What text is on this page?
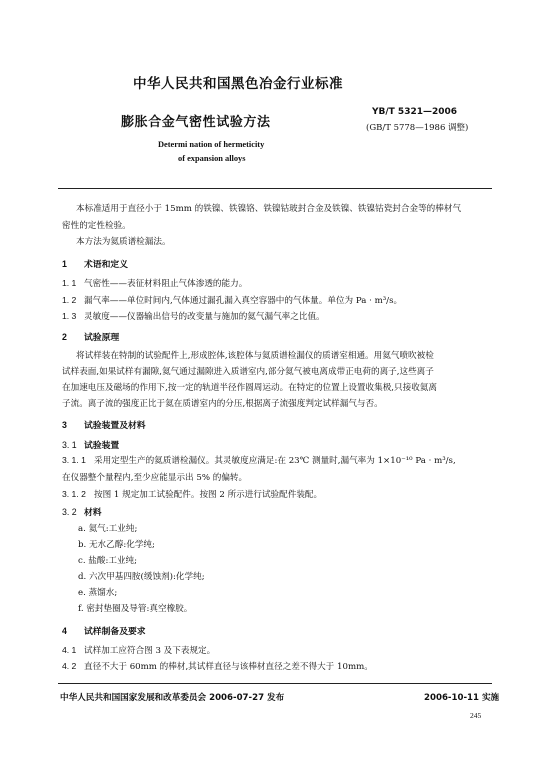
中华人民共和国黑色冶金行业标准
YB/T 5321—2006
膨胀合金气密性试验方法	(GB/T 5778—1986 调整)
Determi nation of hermeticity
of expansion alloys
本标准适用于直径小于 15mm 的铁镍、铁镍铬、铁镍钴玻封合金及铁镍、铁镍钴瓷封合金等的棒材气
密性的定性检验。
本方法为氦质谱检漏法。
1 术语和定义
1. 1 气密性——表征材料阻止气体渗透的能力。
1. 2 漏气率——单位时间内,气体通过漏孔漏入真空容器中的气体量。单位为 Pa · m³/s。
1. 3 灵敏度——仪器输出信号的改变量与施加的氦气漏气率之比值。
2 试验原理
将试样装在特制的试验配件上,形成腔体,该腔体与氦质谱检漏仪的质谱室相通。用氦气喷吹被检
试样表面,如果试样有漏隙,氦气通过漏隙进入质谱室内,部分氦气被电离成带正电荷的离子,这些离子
在加速电压及磁场的作用下,按一定的轨道半径作圆周运动。在特定的位置上设置收集极,只接收氦离
子流。离子流的强度正比于氦在质谱室内的分压,根据离子流强度判定试样漏气与否。
3 试验装置及材料
3. 1 试验装置
3. 1. 1 采用定型生产的氦质谱检漏仪。其灵敏度应满足:在 23℃ 测量时,漏气率为 1×10⁻¹⁰ Pa · m³/s,
在仪器整个量程内,至少应能显示出 5% 的偏转。
3. 1. 2 按图 1 规定加工试验配件。按图 2 所示进行试验配件装配。
3. 2 材料
a. 氦气:工业纯;
b. 无水乙醇:化学纯;
c. 盐酸:工业纯;
d. 六次甲基四胺(缓蚀剂):化学纯;
e. 蒸馏水;
f. 密封垫圈及导管:真空橡胶。
4 试样制备及要求
4. 1 试样加工应符合图 3 及下表规定。
4. 2 直径不大于 60mm 的棒材,其试样直径与该棒材直径之差不得大于 10mm。
中华人民共和国国家发展和改革委员会 2006-07-27 发布	2006-10-11 实施
245
